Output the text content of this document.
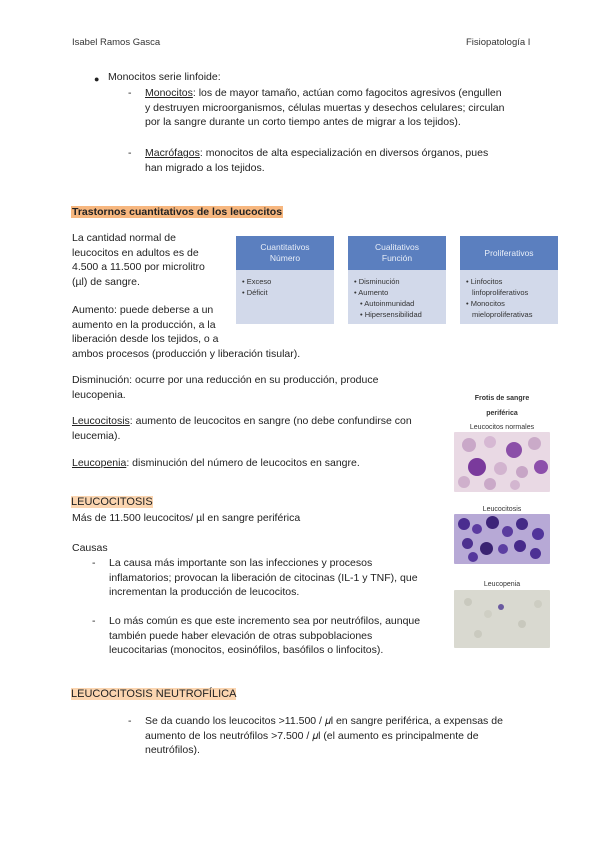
Isabel Ramos Gasca	Fisiopatología I
● Monocitos serie linfoide:
- Monocitos: los de mayor tamaño, actúan como fagocitos agresivos (engullen
y destruyen microorganismos, células muertas y desechos celulares; circulan
por la sangre durante un corto tiempo antes de migrar a los tejidos).
- Macrófagos: monocitos de alta especialización en diversos órganos, pues
han migrado a los tejidos.
Trastornos cuantitativos de los leucocitos
La cantidad normal de
leucocitos en adultos es de
4.500 a 11.500 por microlitro
(µl) de sangre.
Cuantitativos
Número
• Exceso
• Déficit
Cualitativos
Función
• Disminución
• Aumento
• Autoinmunidad
• Hipersensibilidad
Proliferativos
• Linfocitos
linfoproliferativos
• Monocitos
mieloproliferativas
Aumento: puede deberse a un
aumento en la producción, a la
liberación desde los tejidos, o a
ambos procesos (producción y liberación tisular).
Disminución: ocurre por una reducción en su producción, produce
leucopenia.
Leucocitosis: aumento de leucocitos en sangre (no debe confundirse con
leucemia).
Leucopenia: disminución del número de leucocitos en sangre.
Frotis de sangre
periférica
Leucocitos normales
Leucocitosis
Leucopenia
LEUCOCITOSIS
Más de 11.500 leucocitos/ µl en sangre periférica
Causas
- La causa más importante son las infecciones y procesos
inflamatorios; provocan la liberación de citocinas (IL-1 y TNF), que
incrementan la producción de leucocitos.
- Lo más común es que este incremento sea por neutrófilos, aunque
también puede haber elevación de otras subpoblaciones
leucocitarias (monocitos, eosinófilos, basófilos o linfocitos).
LEUCOCITOSIS NEUTROFÍLICA
- Se da cuando los leucocitos >11.500 / 𝜇l en sangre periférica, a expensas de
aumento de los neutrófilos >7.500 / 𝜇l (el aumento es principalmente de
neutrófilos).
